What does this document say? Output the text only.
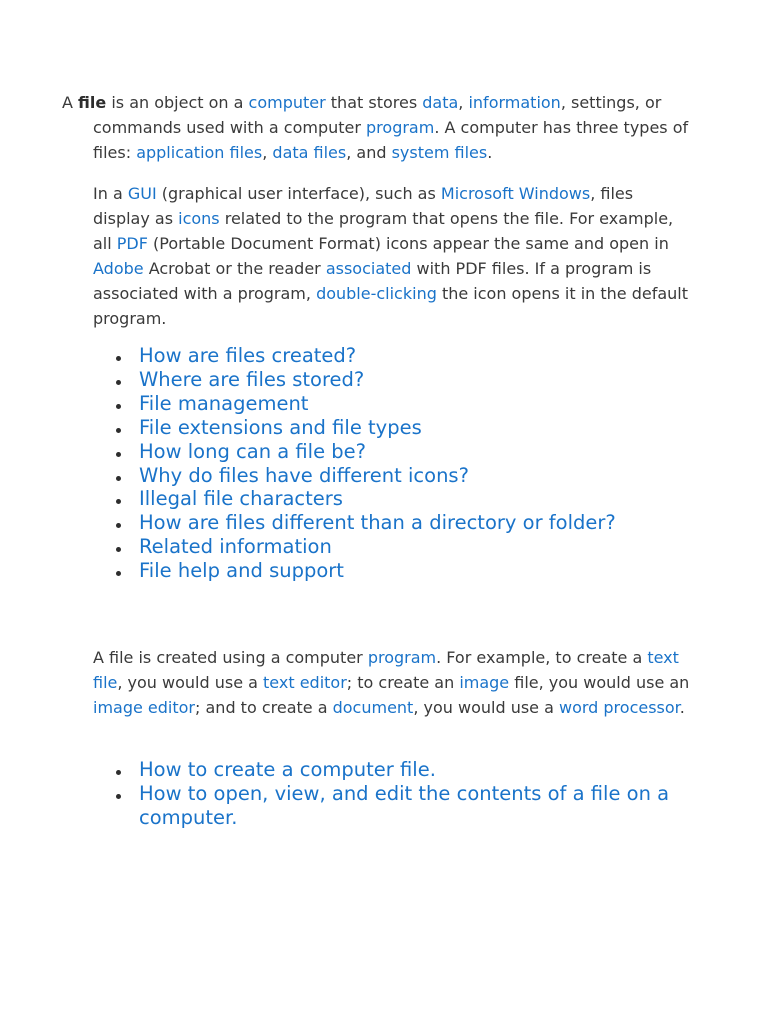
A file is an object on a computer that stores data, information, settings, or commands used with a computer program. A computer has three types of files: application files, data files, and system files.

In a GUI (graphical user interface), such as Microsoft Windows, files display as icons related to the program that opens the file. For example, all PDF (Portable Document Format) icons appear the same and open in Adobe Acrobat or the reader associated with PDF files. If a program is associated with a program, double-clicking the icon opens it in the default program.

How are files created?
Where are files stored?
File management
File extensions and file types
How long can a file be?
Why do files have different icons?
Illegal file characters
How are files different than a directory or folder?
Related information
File help and support

A file is created using a computer program. For example, to create a text file, you would use a text editor; to create an image file, you would use an image editor; and to create a document, you would use a word processor.

How to create a computer file.
How to open, view, and edit the contents of a file on a computer.
